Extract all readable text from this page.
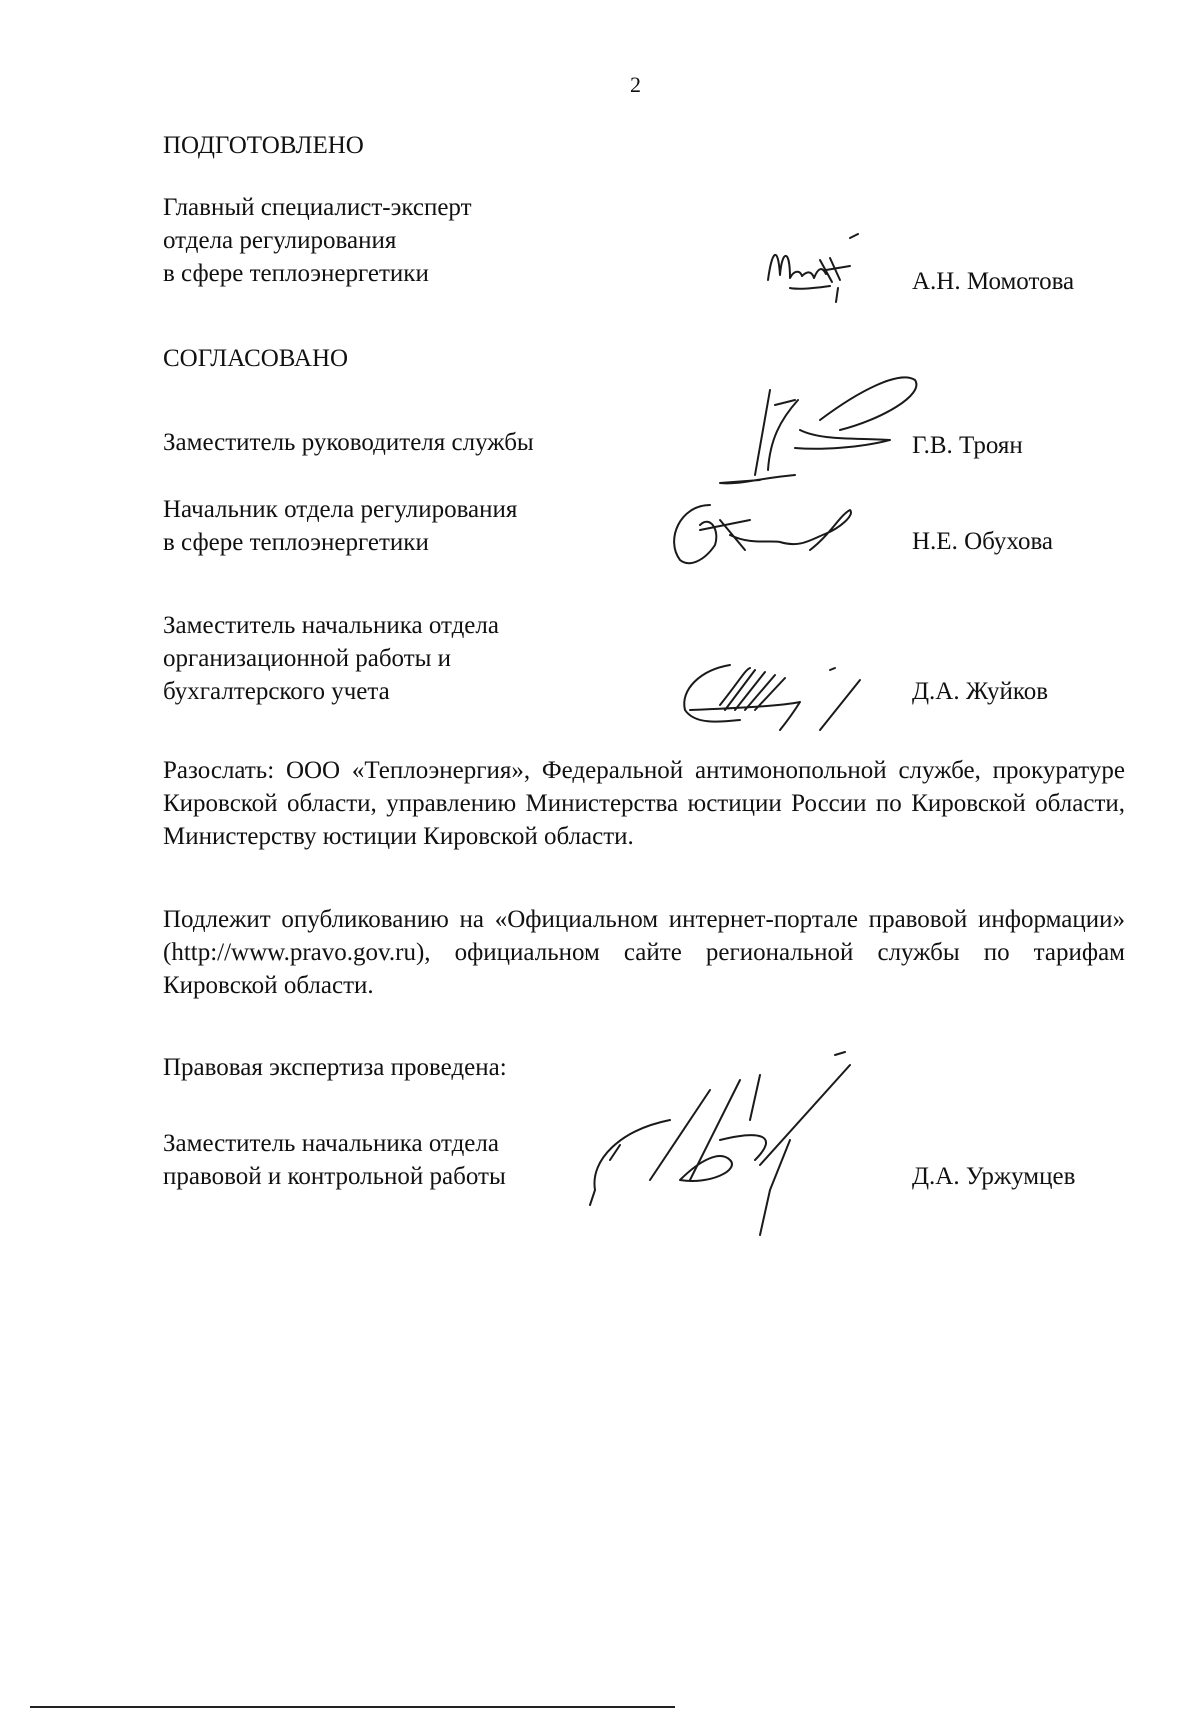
2
ПОДГОТОВЛЕНО
Главный специалист-эксперт
отдела регулирования
в сфере теплоэнергетики	А.Н. Момотова
СОГЛАСОВАНО
Заместитель руководителя службы	Г.В. Троян
Начальник отдела регулирования
в сфере теплоэнергетики	Н.Е. Обухова
Заместитель начальника отдела
организационной работы и
бухгалтерского учета	Д.А. Жуйков
Разослать: ООО «Теплоэнергия», Федеральной антимонопольной службе, прокуратуре Кировской области, управлению Министерства юстиции России по Кировской области, Министерству юстиции Кировской области.
Подлежит опубликованию на «Официальном интернет-портале правовой информации» (http://www.pravo.gov.ru), официальном сайте региональной службы по тарифам Кировской области.
Правовая экспертиза проведена:
Заместитель начальника отдела
правовой и контрольной работы	Д.А. Уржумцев
